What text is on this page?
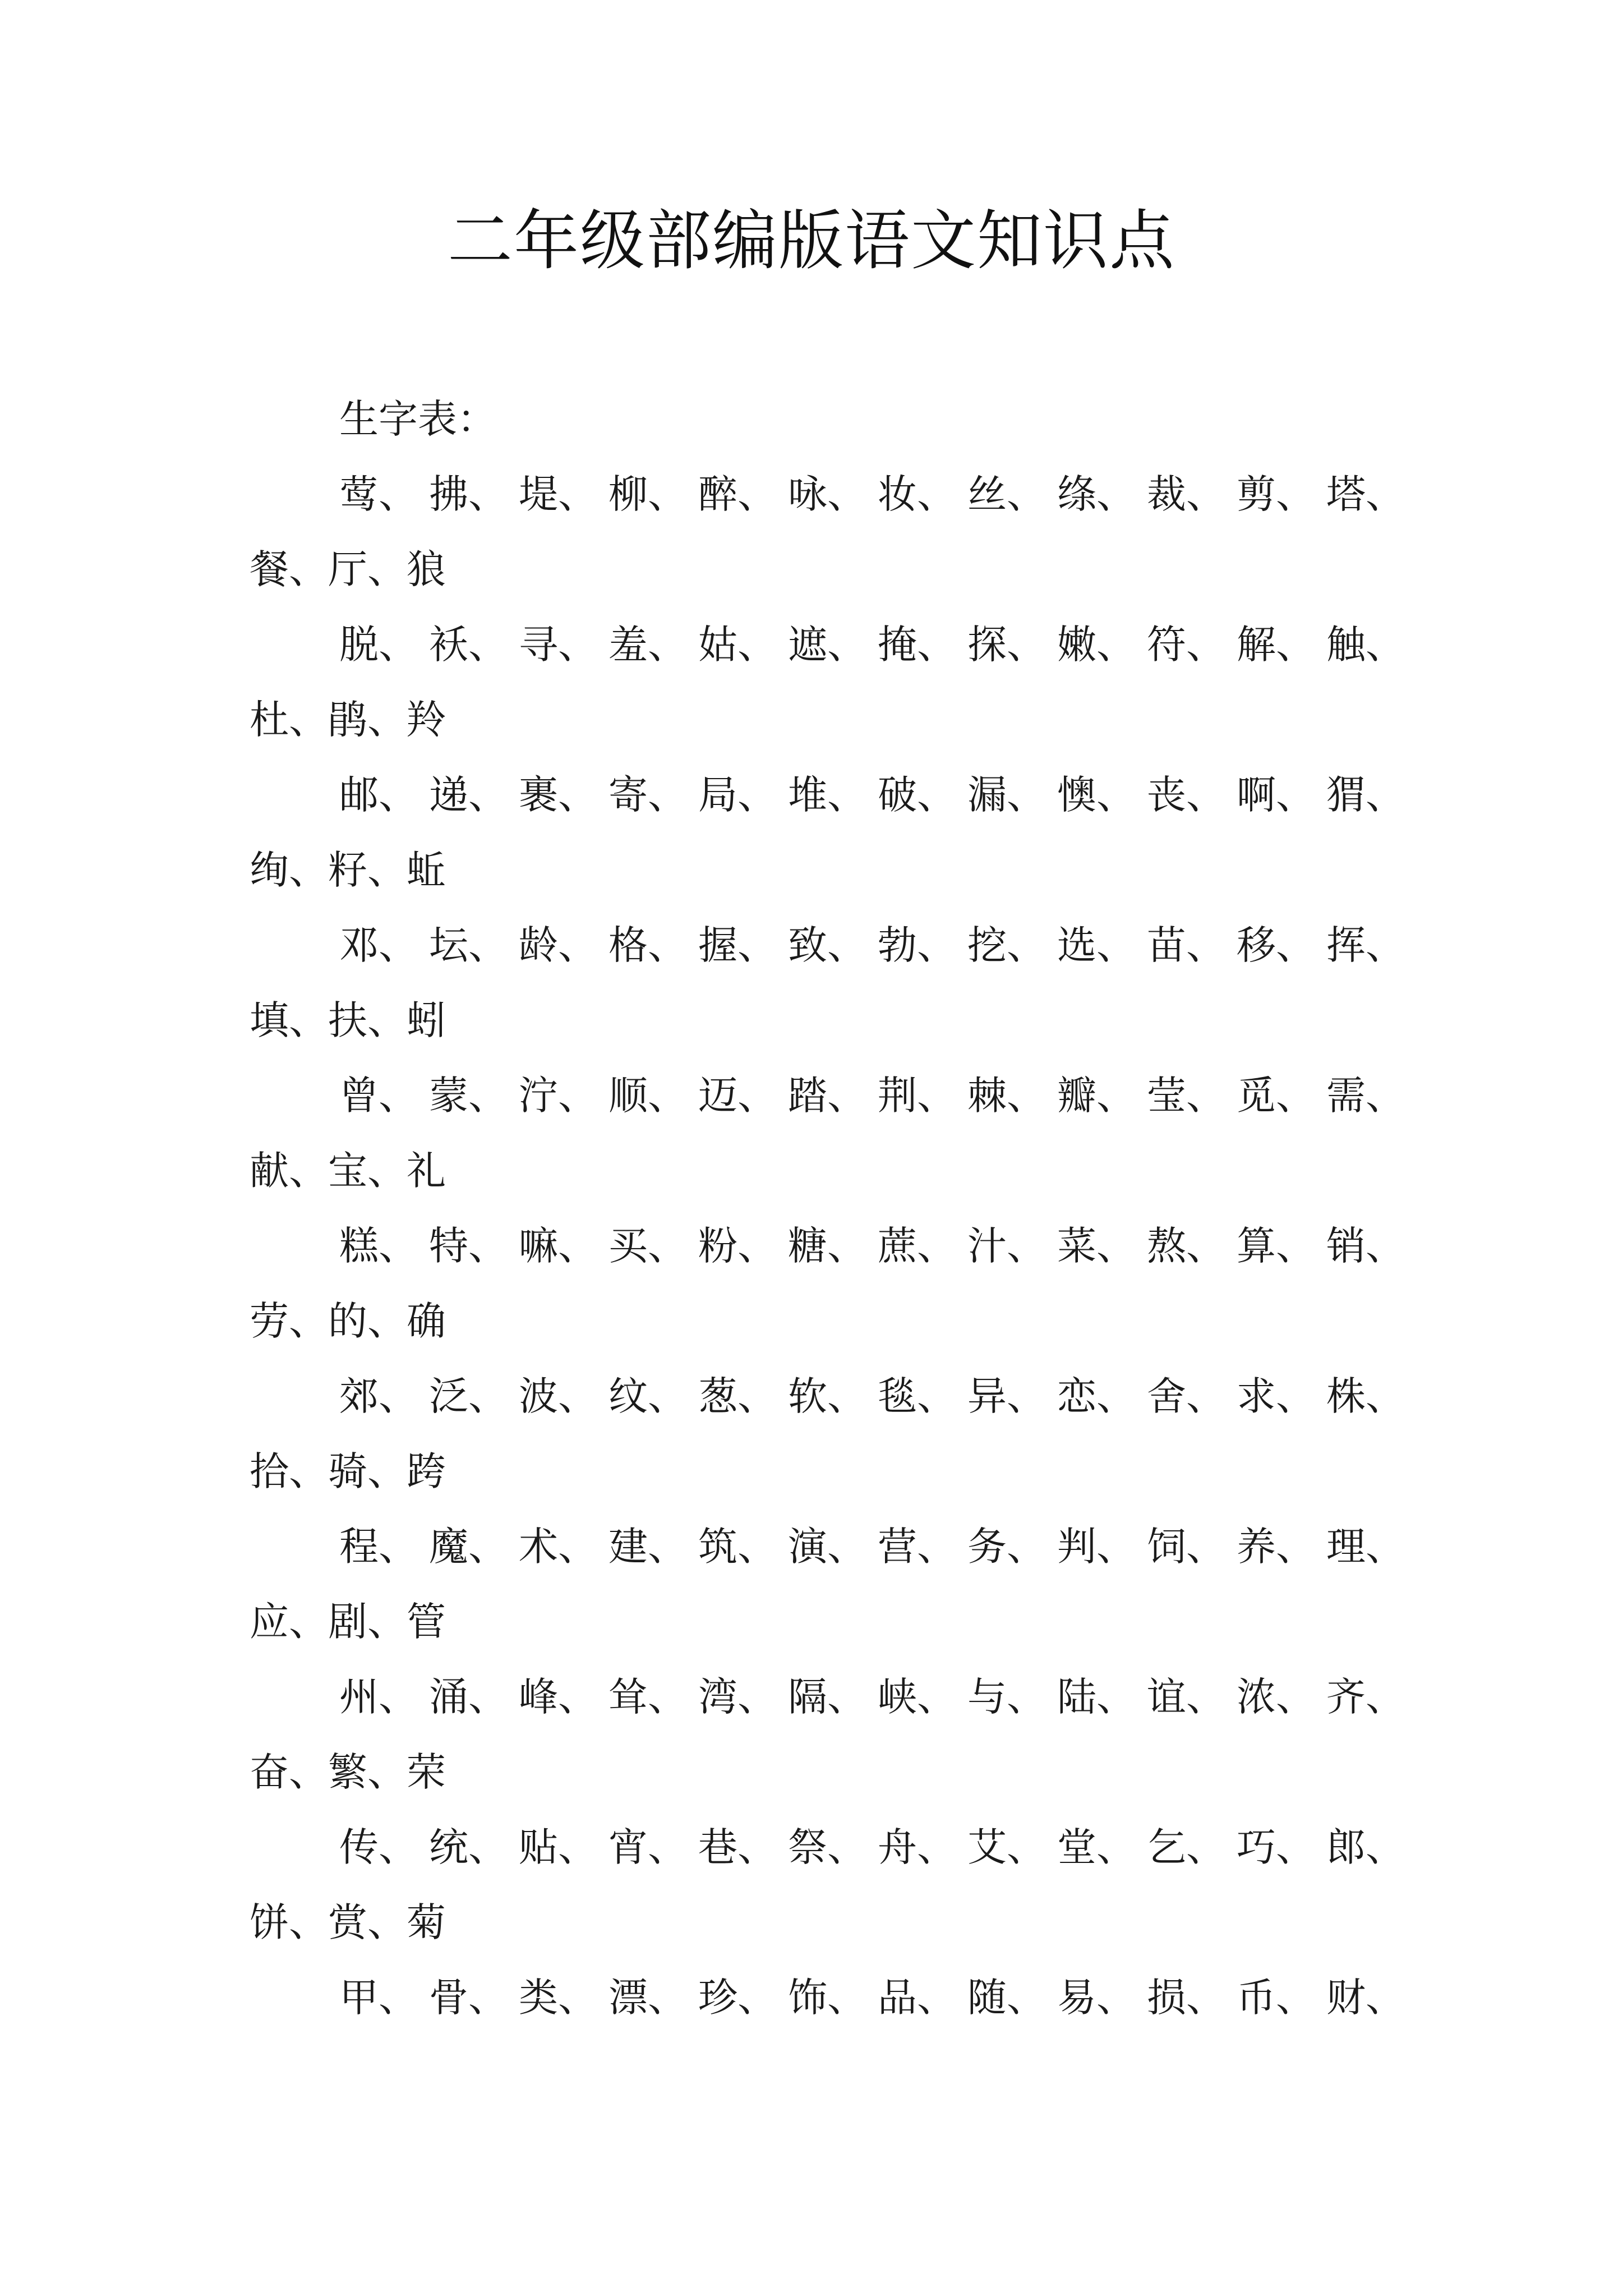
二年级部编版语文知识点
生字表：
莺、 拂、 堤、 柳、 醉、 咏、 妆、 丝、 绦、 裁、 剪、 塔、
餐、厅、狼
脱、 袄、 寻、 羞、 姑、 遮、 掩、 探、 嫩、 符、 解、 触、
杜、鹃、羚
邮、 递、 裹、 寄、 局、 堆、 破、 漏、 懊、 丧、 啊、 猬、
绚、籽、蚯
邓、 坛、 龄、 格、 握、 致、 勃、 挖、 选、 苗、 移、 挥、
填、扶、蚓
曾、 蒙、 泞、 顺、 迈、 踏、 荆、 棘、 瓣、 莹、 觅、 需、
献、宝、礼
糕、 特、 嘛、 买、 粉、 糖、 蔗、 汁、 菜、 熬、 算、 销、
劳、的、确
郊、 泛、 波、 纹、 葱、 软、 毯、 异、 恋、 舍、 求、 株、
拾、骑、跨
程、 魔、 术、 建、 筑、 演、 营、 务、 判、 饲、 养、 理、
应、剧、管
州、 涌、 峰、 耸、 湾、 隔、 峡、 与、 陆、 谊、 浓、 齐、
奋、繁、荣
传、 统、 贴、 宵、 巷、 祭、 舟、 艾、 堂、 乞、 巧、 郎、
饼、赏、菊
甲、 骨、 类、 漂、 珍、 饰、 品、 随、 易、 损、 币、 财、
